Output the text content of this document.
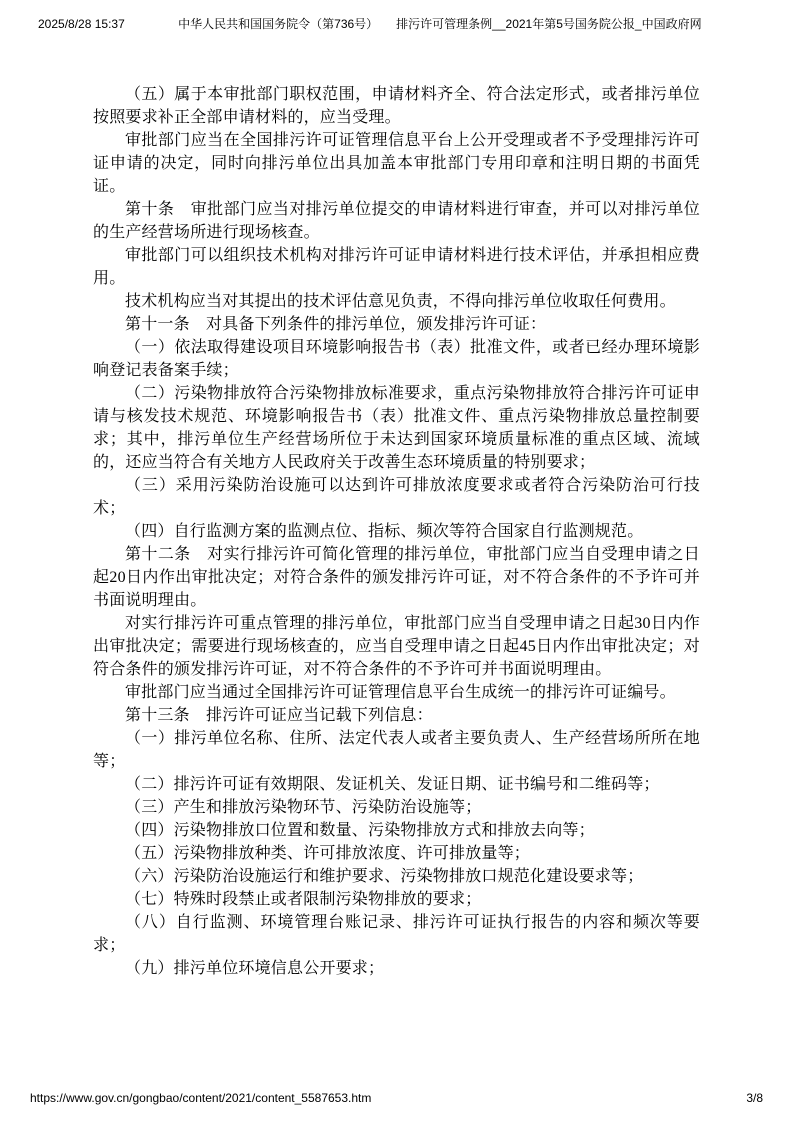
2025/8/28 15:37	中华人民共和国国务院令（第736号）　　排污许可管理条例__2021年第5号国务院公报_中国政府网

（五）属于本审批部门职权范围，申请材料齐全、符合法定形式，或者排污单位按照要求补正全部申请材料的，应当受理。

审批部门应当在全国排污许可证管理信息平台上公开受理或者不予受理排污许可证申请的决定，同时向排污单位出具加盖本审批部门专用印章和注明日期的书面凭证。

第十条　审批部门应当对排污单位提交的申请材料进行审查，并可以对排污单位的生产经营场所进行现场核查。

审批部门可以组织技术机构对排污许可证申请材料进行技术评估，并承担相应费用。

技术机构应当对其提出的技术评估意见负责，不得向排污单位收取任何费用。

第十一条　对具备下列条件的排污单位，颁发排污许可证：

（一）依法取得建设项目环境影响报告书（表）批准文件，或者已经办理环境影响登记表备案手续；

（二）污染物排放符合污染物排放标准要求，重点污染物排放符合排污许可证申请与核发技术规范、环境影响报告书（表）批准文件、重点污染物排放总量控制要求；其中，排污单位生产经营场所位于未达到国家环境质量标准的重点区域、流域的，还应当符合有关地方人民政府关于改善生态环境质量的特别要求；

（三）采用污染防治设施可以达到许可排放浓度要求或者符合污染防治可行技术；

（四）自行监测方案的监测点位、指标、频次等符合国家自行监测规范。

第十二条　对实行排污许可简化管理的排污单位，审批部门应当自受理申请之日起20日内作出审批决定；对符合条件的颁发排污许可证，对不符合条件的不予许可并书面说明理由。

对实行排污许可重点管理的排污单位，审批部门应当自受理申请之日起30日内作出审批决定；需要进行现场核查的，应当自受理申请之日起45日内作出审批决定；对符合条件的颁发排污许可证，对不符合条件的不予许可并书面说明理由。

审批部门应当通过全国排污许可证管理信息平台生成统一的排污许可证编号。

第十三条　排污许可证应当记载下列信息：

（一）排污单位名称、住所、法定代表人或者主要负责人、生产经营场所所在地等；

（二）排污许可证有效期限、发证机关、发证日期、证书编号和二维码等；

（三）产生和排放污染物环节、污染防治设施等；

（四）污染物排放口位置和数量、污染物排放方式和排放去向等；

（五）污染物排放种类、许可排放浓度、许可排放量等；

（六）污染防治设施运行和维护要求、污染物排放口规范化建设要求等；

（七）特殊时段禁止或者限制污染物排放的要求；

（八）自行监测、环境管理台账记录、排污许可证执行报告的内容和频次等要求；

（九）排污单位环境信息公开要求；

https://www.gov.cn/gongbao/content/2021/content_5587653.htm	3/8
